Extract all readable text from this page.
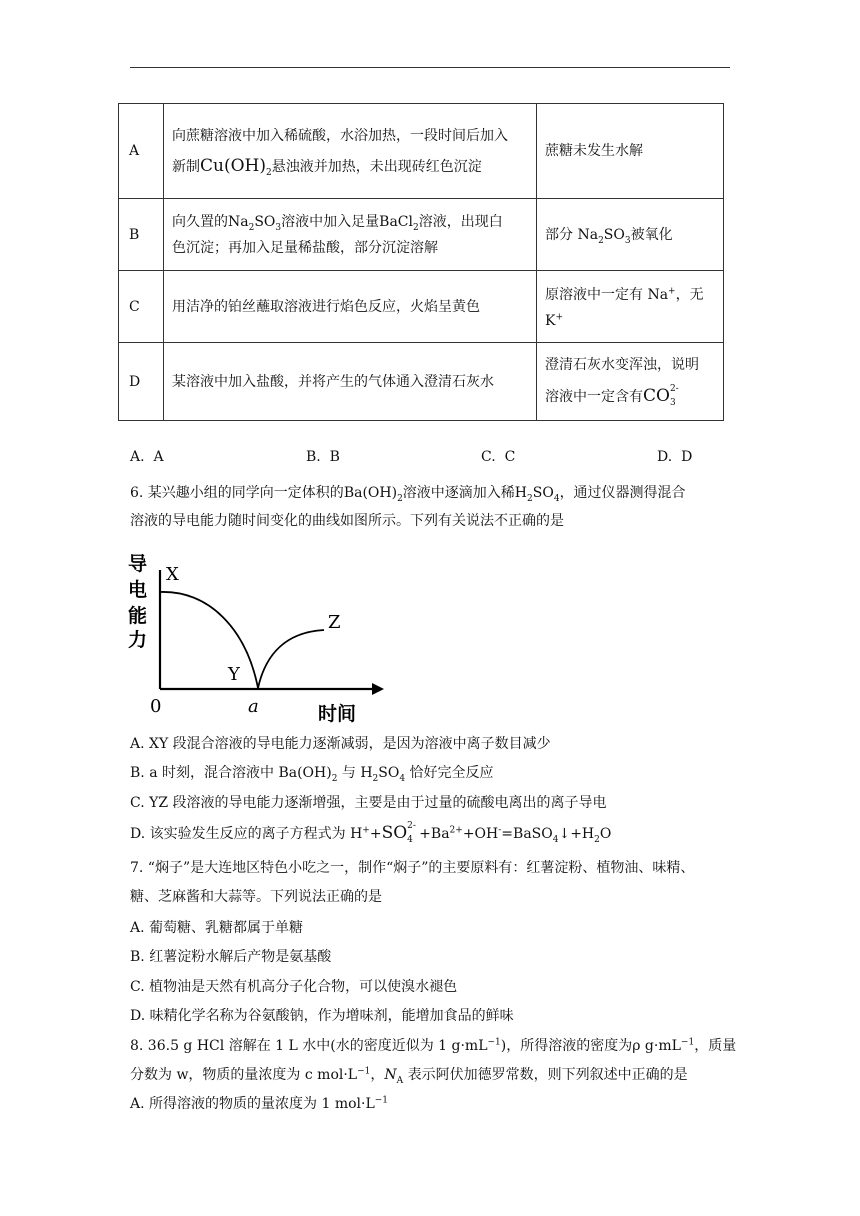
A	向蔗糖溶液中加入稀硫酸，水浴加热，一段时间后加入
新制$Cu(OH)_2$悬浊液并加热，未出现砖红色沉淀	蔗糖未发生水解
B	向久置的$Na_2SO_3$溶液中加入足量BaCl$_2$溶液，出现白
色沉淀；再加入足量稀盐酸，部分沉淀溶解	部分 $Na_2SO_3$被氧化
C	用洁净的铂丝蘸取溶液进行焰色反应，火焰呈黄色	原溶液中一定有 Na+，无
K+

D	某溶液中加入盐酸，并将产生的气体通入澄清石灰水	澄清石灰水变浑浊，说明
溶液中一定含有CO 2-
3
A. A	B. B	C. C	D. D
6. 某兴趣小组的同学向一定体积的$Ba(OH)_2$溶液中逐滴加入稀$H_2SO_4$，通过仪器测得混合
溶液的导电能力随时间变化的曲线如图所示。下列有关说法不正确的是
导
电
能
力
时间
X
Y
Z
0	a
A. XY 段混合溶液的导电能力逐渐减弱，是因为溶液中离子数目减少
B. a 时刻，混合溶液中 $Ba(OH)_2$ 与 $H_2SO_4$ 恰好完全反应
C. YZ 段溶液的导电能力逐渐增强，主要是由于过量的硫酸电离出的离子导电
D. 该实验发生反应的离子方程式为 H++SO 2-
$4 +Ba^{2+}+OH^-=BaSO_4↓+H_2O$
7. “焖子”是大连地区特色小吃之一，制作“焖子”的主要原料有：红薯淀粉、植物油、味精、
糖、芝麻酱和大蒜等。下列说法正确的是
A. 葡萄糖、乳糖都属于单糖
B. 红薯淀粉水解后产物是氨基酸
C. 植物油是天然有机高分子化合物，可以使溴水褪色
D. 味精化学名称为谷氨酸钠，作为增味剂，能增加食品的鲜味
8. 36.5 g HCl 溶解在 1 L 水中(水的密度近似为 1 $g\cdot mL^{-1}$)，所得溶液的密度为ρ $g\cdot mL^{-1}$，质量
分数为 w，物质的量浓度为 c $mol\cdot L^{-1}$，$N_A$ 表示阿伏加德罗常数，则下列叙述中正确的是
A. 所得溶液的物质的量浓度为 1 $mol\cdot L^{-1}$
